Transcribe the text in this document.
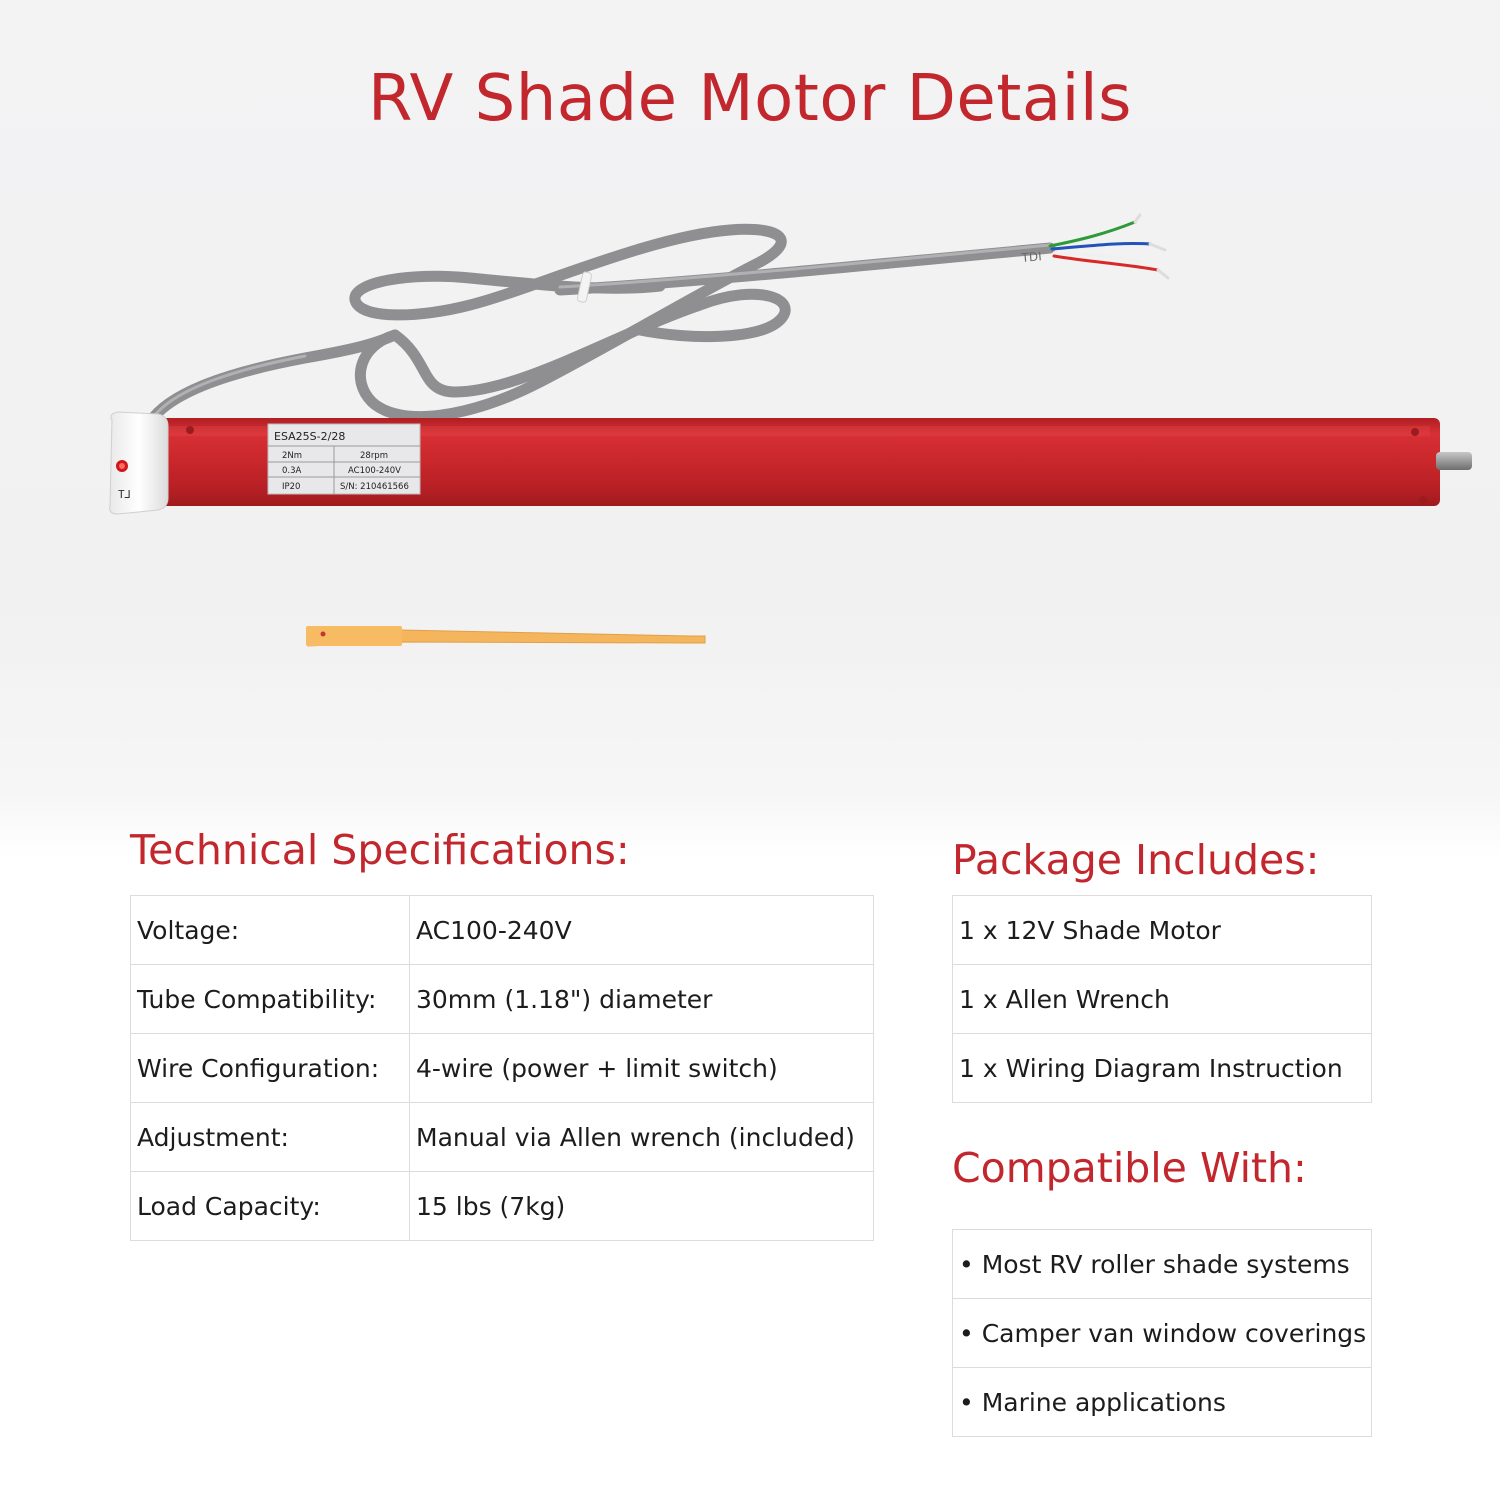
RV Shade Motor Details
TDI
T⅃
ESA25S-2/28
2Nm	28rpm
0.3A	AC100-240V
IP20	S/N: 210461566
Technical Specifications:
Voltage:	AC100-240V
Tube Compatibility:	30mm (1.18") diameter
Wire Configuration:	4-wire (power + limit switch)
Adjustment:	Manual via Allen wrench (included)
Load Capacity:	15 lbs (7kg)
Package Includes:
1 x 12V Shade Motor
1 x Allen Wrench
1 x Wiring Diagram Instruction
Compatible With:
• Most RV roller shade systems
• Camper van window coverings
• Marine applications
